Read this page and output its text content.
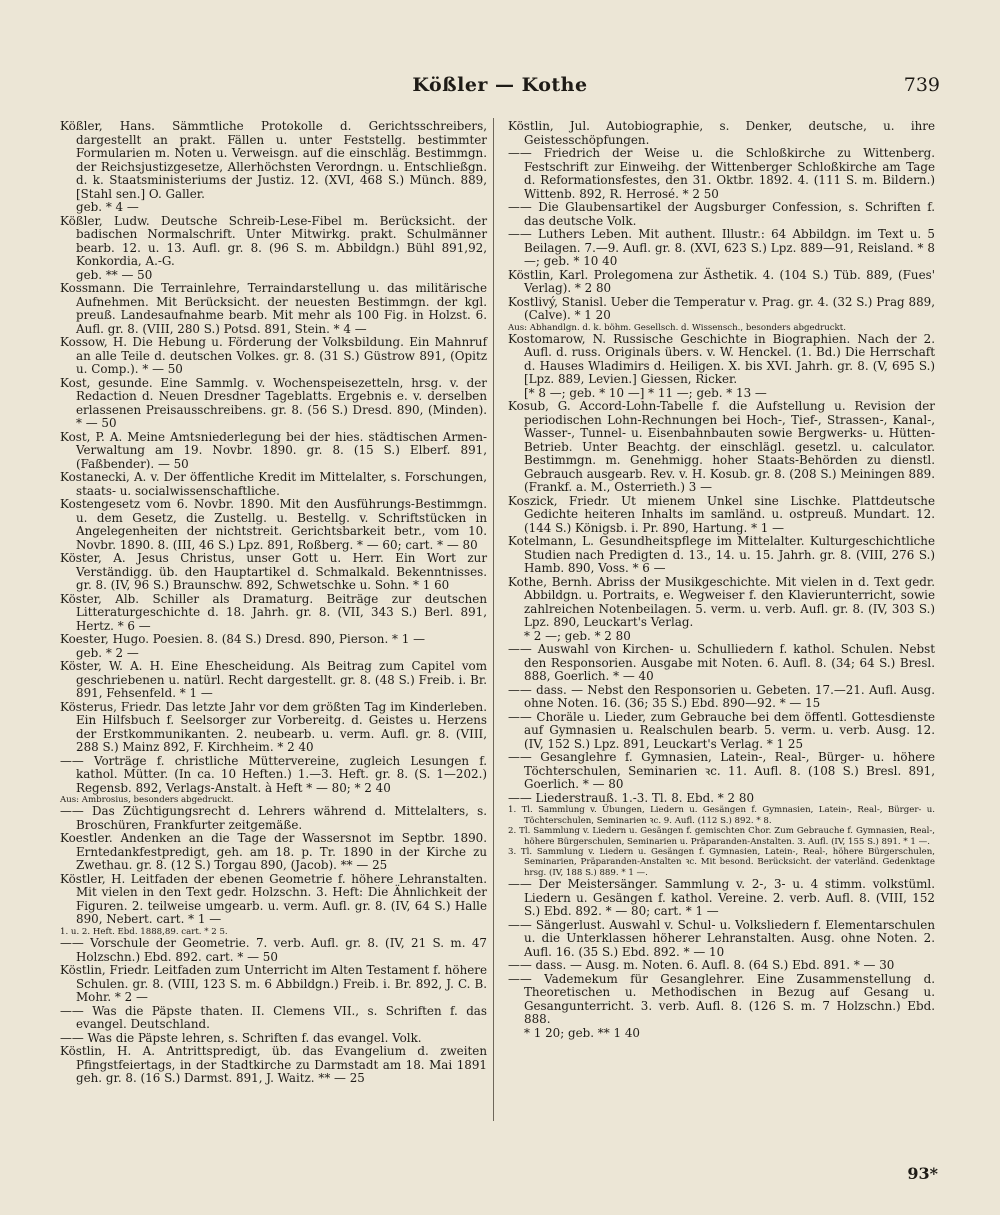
Kößler — Kothe	739

Kößler, Hans. Sämmtliche Protokolle d. Gerichtsschreibers, dargestellt an prakt. Fällen u. unter Feststellg. bestimmter Formularien m. Noten u. Verweisgn. auf die einschläg. Bestimmgn. der Reichsjustizgesetze, Allerhöchsten Verordngn. u. Entschließgn. d. k. Staatsministeriums der Justiz. 12. (XVI, 468 S.) Münch. 889, [Stahl sen.] O. Galler.
geb. * 4 —

Kößler, Ludw. Deutsche Schreib-Lese-Fibel m. Berücksicht. der badischen Normalschrift. Unter Mitwirkg. prakt. Schulmänner bearb. 12. u. 13. Aufl. gr. 8. (96 S. m. Abbildgn.) Bühl 891,92, Konkordia, A.-G.
geb. ** — 50

Kossmann. Die Terrainlehre, Terraindarstellung u. das militärische Aufnehmen. Mit Berücksicht. der neuesten Bestimmgn. der kgl. preuß. Landesaufnahme bearb. Mit mehr als 100 Fig. in Holzst. 6. Aufl. gr. 8. (VIII, 280 S.) Potsd. 891, Stein. * 4 —

Kossow, H. Die Hebung u. Förderung der Volksbildung. Ein Mahnruf an alle Teile d. deutschen Volkes. gr. 8. (31 S.) Güstrow 891, (Opitz u. Comp.). * — 50

Kost, gesunde. Eine Sammlg. v. Wochenspeisezetteln, hrsg. v. der Redaction d. Neuen Dresdner Tageblatts. Ergebnis e. v. derselben erlassenen Preisausschreibens. gr. 8. (56 S.) Dresd. 890, (Minden). * — 50

Kost, P. A. Meine Amtsniederlegung bei der hies. städtischen Armen-Verwaltung am 19. Novbr. 1890. gr. 8. (15 S.) Elberf. 891, (Faßbender). — 50

Kostanecki, A. v. Der öffentliche Kredit im Mittelalter, s. Forschungen, staats- u. socialwissenschaftliche.

Kostengesetz vom 6. Novbr. 1890. Mit den Ausführungs-Bestimmgn. u. dem Gesetz, die Zustellg. u. Bestellg. v. Schriftstücken in Angelegenheiten der nichtstreit. Gerichtsbarkeit betr., vom 10. Novbr. 1890. 8. (III, 46 S.) Lpz. 891, Roßberg. * — 60; cart. * — 80

Köster, A. Jesus Christus, unser Gott u. Herr. Ein Wort zur Verständigg. üb. den Hauptartikel d. Schmalkald. Bekenntnisses. gr. 8. (IV, 96 S.) Braunschw. 892, Schwetschke u. Sohn. * 1 60

Köster, Alb. Schiller als Dramaturg. Beiträge zur deutschen Litteraturgeschichte d. 18. Jahrh. gr. 8. (VII, 343 S.) Berl. 891, Hertz. * 6 —

Koester, Hugo. Poesien. 8. (84 S.) Dresd. 890, Pierson. * 1 —
geb. * 2 —

Köster, W. A. H. Eine Ehescheidung. Als Beitrag zum Capitel vom geschriebenen u. natürl. Recht dargestellt. gr. 8. (48 S.) Freib. i. Br. 891, Fehsenfeld. * 1 —

Kösterus, Friedr. Das letzte Jahr vor dem größten Tag im Kinderleben. Ein Hilfsbuch f. Seelsorger zur Vorbereitg. d. Geistes u. Herzens der Erstkommunikanten. 2. neubearb. u. verm. Aufl. gr. 8. (VIII, 288 S.) Mainz 892, F. Kirchheim. * 2 40

—— Vorträge f. christliche Müttervereine, zugleich Lesungen f. kathol. Mütter. (In ca. 10 Heften.) 1.—3. Heft. gr. 8. (S. 1—202.) Regensb. 892, Verlags-Anstalt. à Heft * — 80; * 2 40

Aus: Ambrosius, besonders abgedruckt.

—— Das Züchtigungsrecht d. Lehrers während d. Mittelalters, s. Broschüren, Frankfurter zeitgemäße.

Koestler. Andenken an die Tage der Wassersnot im Septbr. 1890. Erntedankfestpredigt, geh. am 18. p. Tr. 1890 in der Kirche zu Zwethau. gr. 8. (12 S.) Torgau 890, (Jacob). ** — 25

Köstler, H. Leitfaden der ebenen Geometrie f. höhere Lehranstalten. Mit vielen in den Text gedr. Holzschn. 3. Heft: Die Ähnlichkeit der Figuren. 2. teilweise umgearb. u. verm. Aufl. gr. 8. (IV, 64 S.) Halle 890, Nebert. cart. * 1 —

1. u. 2. Heft. Ebd. 1888,89. cart. * 2 5.

—— Vorschule der Geometrie. 7. verb. Aufl. gr. 8. (IV, 21 S. m. 47 Holzschn.) Ebd. 892. cart. * — 50

Köstlin, Friedr. Leitfaden zum Unterricht im Alten Testament f. höhere Schulen. gr. 8. (VIII, 123 S. m. 6 Abbildgn.) Freib. i. Br. 892, J. C. B. Mohr. * 2 —

—— Was die Päpste thaten. II. Clemens VII., s. Schriften f. das evangel. Deutschland.

—— Was die Päpste lehren, s. Schriften f. das evangel. Volk.

Köstlin, H. A. Antrittspredigt, üb. das Evangelium d. zweiten Pfingstfeiertags, in der Stadtkirche zu Darmstadt am 18. Mai 1891 geh. gr. 8. (16 S.) Darmst. 891, J. Waitz. ** — 25

Köstlin, Jul. Autobiographie, s. Denker, deutsche, u. ihre Geistesschöpfungen.

—— Friedrich der Weise u. die Schloßkirche zu Wittenberg. Festschrift zur Einweihg. der Wittenberger Schloßkirche am Tage d. Reformationsfestes, den 31. Oktbr. 1892. 4. (111 S. m. Bildern.) Wittenb. 892, R. Herrosé. * 2 50

—— Die Glaubensartikel der Augsburger Confession, s. Schriften f. das deutsche Volk.

—— Luthers Leben. Mit authent. Illustr.: 64 Abbildgn. im Text u. 5 Beilagen. 7.—9. Aufl. gr. 8. (XVI, 623 S.) Lpz. 889—91, Reisland. * 8 —; geb. * 10 40

Köstlin, Karl. Prolegomena zur Ästhetik. 4. (104 S.) Tüb. 889, (Fues' Verlag). * 2 80

Kostlivý, Stanisl. Ueber die Temperatur v. Prag. gr. 4. (32 S.) Prag 889, (Calve). * 1 20

Aus: Abhandlgn. d. k. böhm. Gesellsch. d. Wissensch., besonders abgedruckt.

Kostomarow, N. Russische Geschichte in Biographien. Nach der 2. Aufl. d. russ. Originals übers. v. W. Henckel. (1. Bd.) Die Herrschaft d. Hauses Wladimirs d. Heiligen. X. bis XVI. Jahrh. gr. 8. (V, 695 S.) [Lpz. 889, Levien.] Giessen, Ricker.
[* 8 —; geb. * 10 —] * 11 —; geb. * 13 —

Kosub, G. Accord-Lohn-Tabelle f. die Aufstellung u. Revision der periodischen Lohn-Rechnungen bei Hoch-, Tief-, Strassen-, Kanal-, Wasser-, Tunnel- u. Eisenbahnbauten sowie Bergwerks- u. Hütten-Betrieb. Unter Beachtg. der einschlägl. gesetzl. u. calculator. Bestimmgn. m. Genehmigg. hoher Staats-Behörden zu dienstl. Gebrauch ausgearb. Rev. v. H. Kosub. gr. 8. (208 S.) Meiningen 889. (Frankf. a. M., Osterrieth.) 3 —

Koszick, Friedr. Ut mienem Unkel sine Lischke. Plattdeutsche Gedichte heiteren Inhalts im samländ. u. ostpreuß. Mundart. 12. (144 S.) Königsb. i. Pr. 890, Hartung. * 1 —

Kotelmann, L. Gesundheitspflege im Mittelalter. Kulturgeschichtliche Studien nach Predigten d. 13., 14. u. 15. Jahrh. gr. 8. (VIII, 276 S.) Hamb. 890, Voss. * 6 —

Kothe, Bernh. Abriss der Musikgeschichte. Mit vielen in d. Text gedr. Abbildgn. u. Portraits, e. Wegweiser f. den Klavierunterricht, sowie zahlreichen Notenbeilagen. 5. verm. u. verb. Aufl. gr. 8. (IV, 303 S.) Lpz. 890, Leuckart's Verlag.
* 2 —; geb. * 2 80

—— Auswahl von Kirchen- u. Schulliedern f. kathol. Schulen. Nebst den Responsorien. Ausgabe mit Noten. 6. Aufl. 8. (34; 64 S.) Bresl. 888, Goerlich. * — 40

—— dass. — Nebst den Responsorien u. Gebeten. 17.—21. Aufl. Ausg. ohne Noten. 16. (36; 35 S.) Ebd. 890—92. * — 15

—— Choräle u. Lieder, zum Gebrauche bei dem öffentl. Gottesdienste auf Gymnasien u. Realschulen bearb. 5. verm. u. verb. Ausg. 12. (IV, 152 S.) Lpz. 891, Leuckart's Verlag. * 1 25

—— Gesanglehre f. Gymnasien, Latein-, Real-, Bürger- u. höhere Töchterschulen, Seminarien ꝛc. 11. Aufl. 8. (108 S.) Bresl. 891, Goerlich. * — 80

—— Liederstrauß. 1.-3. Tl. 8. Ebd. * 2 80

1. Tl. Sammlung v. Übungen, Liedern u. Gesängen f. Gymnasien, Latein-, Real-, Bürger- u. Töchterschulen, Seminarien ꝛc. 9. Aufl. (112 S.) 892. * 8.

2. Tl. Sammlung v. Liedern u. Gesängen f. gemischten Chor. Zum Gebrauche f. Gymnasien, Real-, höhere Bürgerschulen, Seminarien u. Präparanden-Anstalten. 3. Aufl. (IV, 155 S.) 891. * 1 —.

3. Tl. Sammlung v. Liedern u. Gesängen f. Gymnasien, Latein-, Real-, höhere Bürgerschulen, Seminarien, Präparanden-Anstalten ꝛc. Mit besond. Berücksicht. der vaterländ. Gedenktage hrsg. (IV, 188 S.) 889. * 1 —.

—— Der Meistersänger. Sammlung v. 2-, 3- u. 4 stimm. volkstüml. Liedern u. Gesängen f. kathol. Vereine. 2. verb. Aufl. 8. (VIII, 152 S.) Ebd. 892. * — 80; cart. * 1 —

—— Sängerlust. Auswahl v. Schul- u. Volksliedern f. Elementarschulen u. die Unterklassen höherer Lehranstalten. Ausg. ohne Noten. 2. Aufl. 16. (35 S.) Ebd. 892. * — 10

—— dass. — Ausg. m. Noten. 6. Aufl. 8. (64 S.) Ebd. 891. * — 30

—— Vademekum für Gesanglehrer. Eine Zusammenstellung d. Theoretischen u. Methodischen in Bezug auf Gesang u. Gesangunterricht. 3. verb. Aufl. 8. (126 S. m. 7 Holzschn.) Ebd. 888.
* 1 20; geb. ** 1 40

93*
